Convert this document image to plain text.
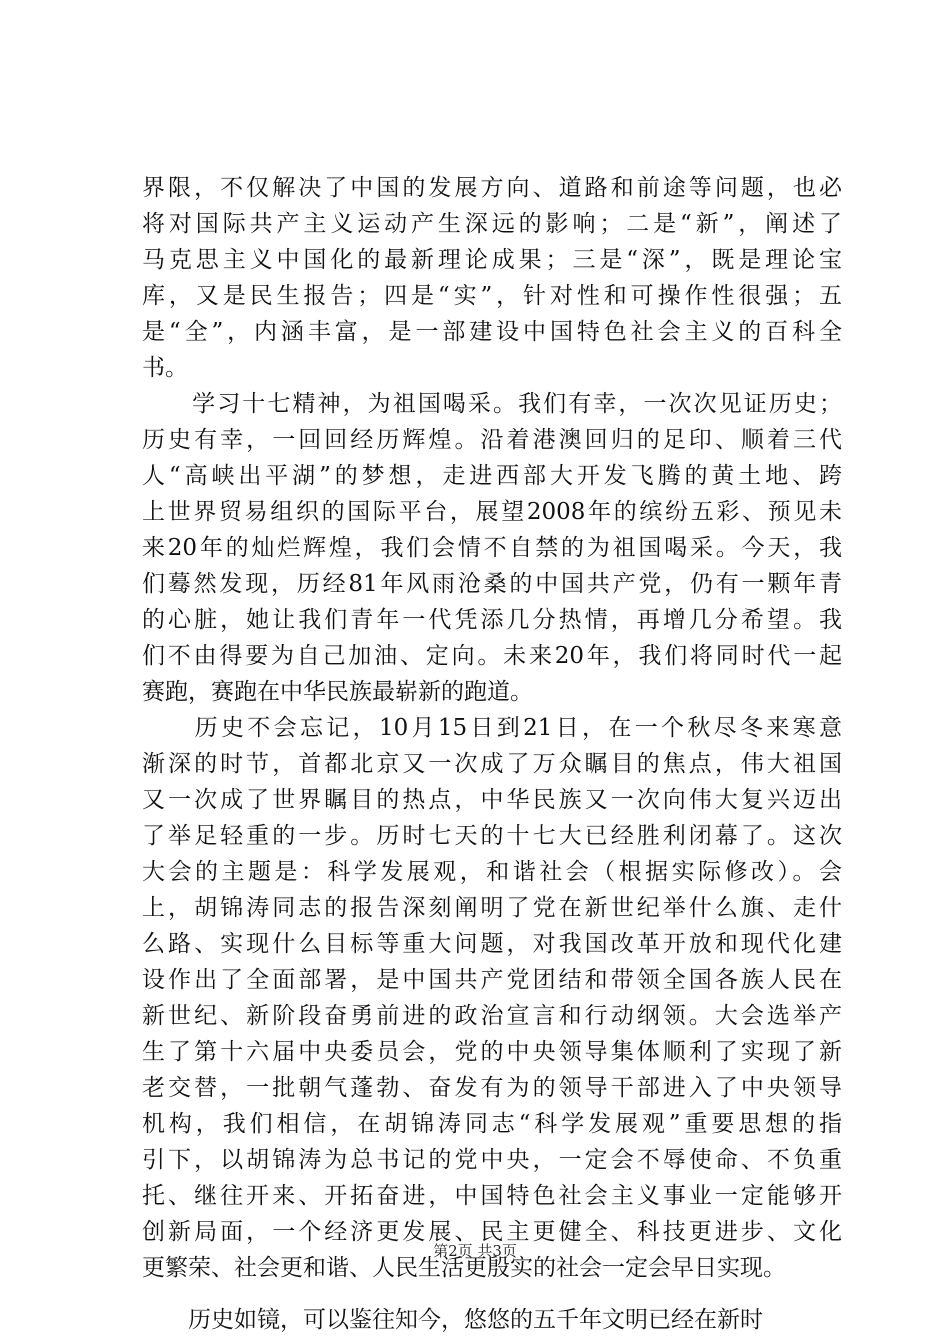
界限，不仅解决了中国的发展方向、道路和前途等问题，也必
将对国际共产主义运动产生深远的影响；二是“新”，阐述了
马克思主义中国化的最新理论成果；三是“深”，既是理论宝
库，又是民生报告；四是“实”，针对性和可操作性很强；五
是“全”，内涵丰富，是一部建设中国特色社会主义的百科全
书。
　　学习十七精神，为祖国喝采。我们有幸，一次次见证历史；
历史有幸，一回回经历辉煌。沿着港澳回归的足印、顺着三代
人“高峡出平湖”的梦想，走进西部大开发飞腾的黄土地、跨
上世界贸易组织的国际平台，展望2008年的缤纷五彩、预见未
来20年的灿烂辉煌，我们会情不自禁的为祖国喝采。今天，我
们蓦然发现，历经81年风雨沧桑的中国共产党，仍有一颗年青
的心脏，她让我们青年一代凭添几分热情，再增几分希望。我
们不由得要为自己加油、定向。未来20年，我们将同时代一起
赛跑，赛跑在中华民族最崭新的跑道。
　　历史不会忘记，10月15日到21日，在一个秋尽冬来寒意
渐深的时节，首都北京又一次成了万众瞩目的焦点，伟大祖国
又一次成了世界瞩目的热点，中华民族又一次向伟大复兴迈出
了举足轻重的一步。历时七天的十七大已经胜利闭幕了。这次
大会的主题是：科学发展观，和谐社会（根据实际修改）。会
上，胡锦涛同志的报告深刻阐明了党在新世纪举什么旗、走什
么路、实现什么目标等重大问题，对我国改革开放和现代化建
设作出了全面部署，是中国共产党团结和带领全国各族人民在
新世纪、新阶段奋勇前进的政治宣言和行动纲领。大会选举产
生了第十六届中央委员会，党的中央领导集体顺利了实现了新
老交替，一批朝气蓬勃、奋发有为的领导干部进入了中央领导
机构，我们相信，在胡锦涛同志“科学发展观”重要思想的指
引下，以胡锦涛为总书记的党中央，一定会不辱使命、不负重
托、继往开来、开拓奋进，中国特色社会主义事业一定能够开
创新局面，一个经济更发展、民主更健全、科技更进步、文化
更繁荣、社会更和谐、人民生活更殷实的社会一定会早日实现。
　　历史如镜，可以鉴往知今，悠悠的五千年文明已经在新时
第2页 共3页
